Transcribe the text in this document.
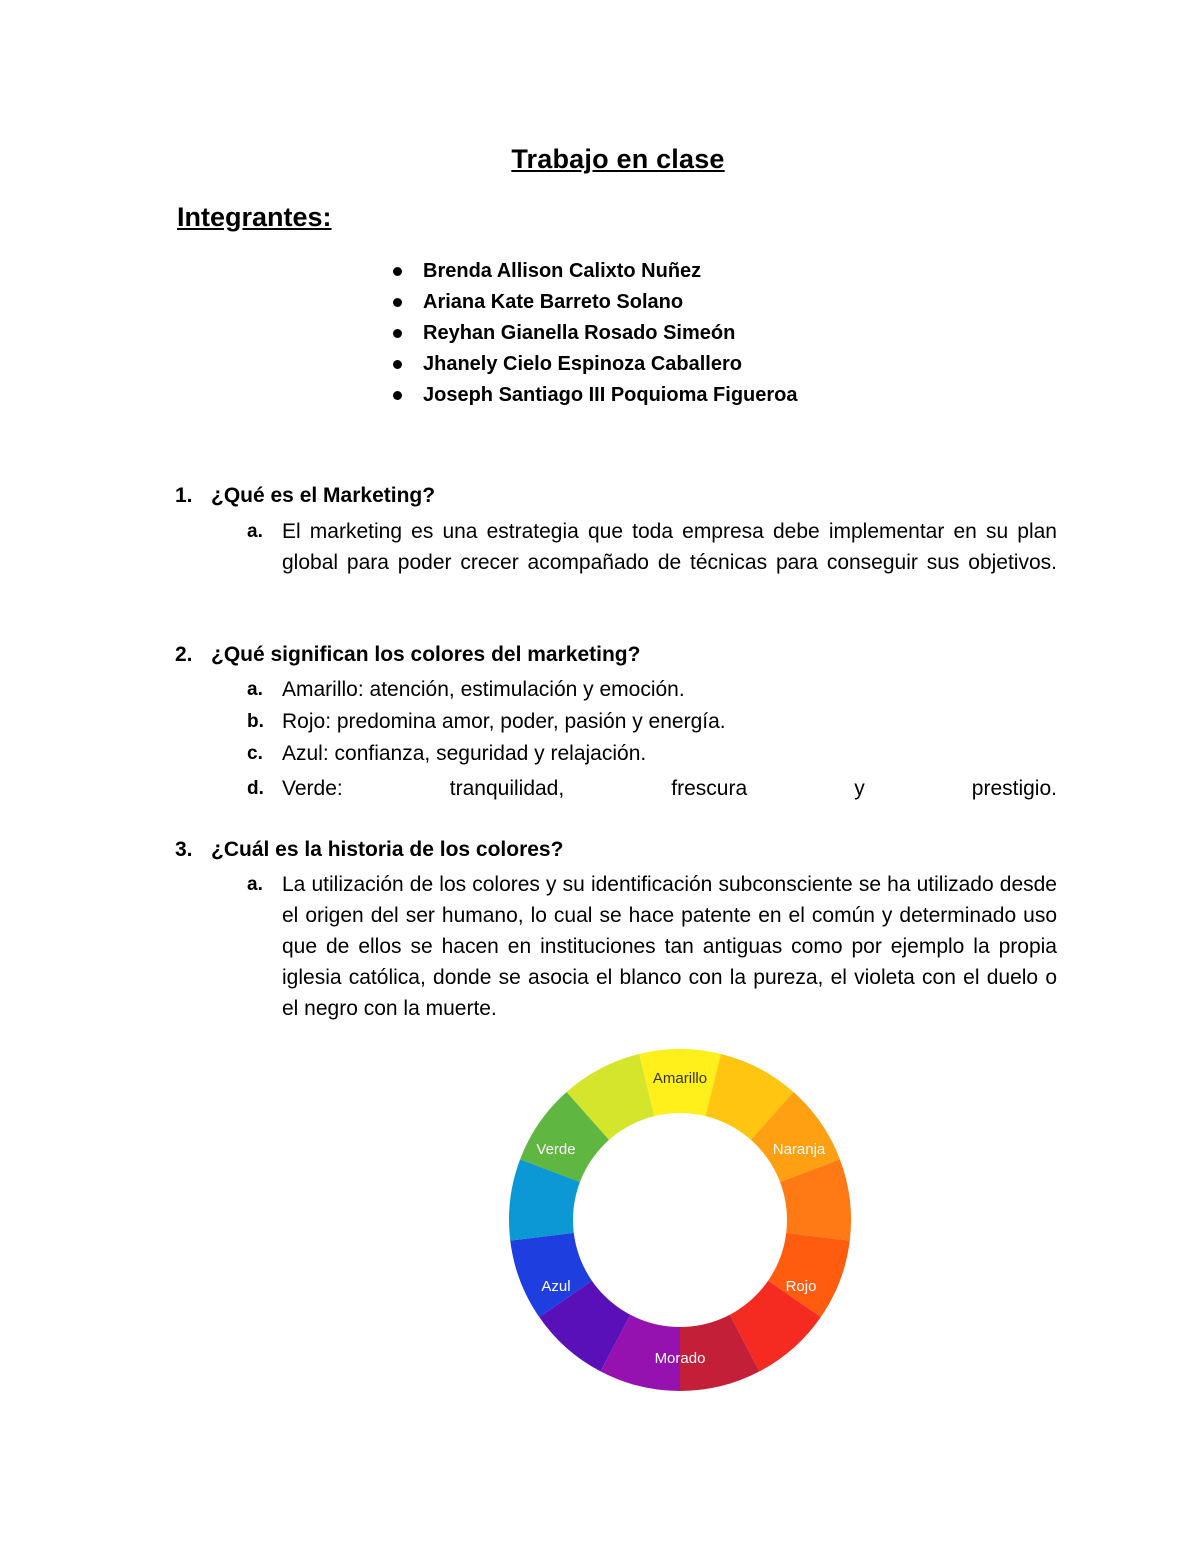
Trabajo en clase
Integrantes:
Brenda Allison Calixto Nuñez
Ariana Kate Barreto Solano
Reyhan Gianella Rosado Simeón
Jhanely Cielo Espinoza Caballero
Joseph Santiago III Poquioma Figueroa
1. ¿Qué es el Marketing?
a. El marketing es una estrategia que toda empresa debe implementar en su plan global para poder crecer acompañado de técnicas para conseguir sus objetivos.
2. ¿Qué significan los colores del marketing?
a. Amarillo: atención, estimulación y emoción.
b. Rojo: predomina amor, poder, pasión y energía.
c. Azul: confianza, seguridad y relajación.
d. Verde: tranquilidad, frescura y prestigio.
3. ¿Cuál es la historia de los colores?
a. La utilización de los colores y su identificación subconsciente se ha utilizado desde el origen del ser humano, lo cual se hace patente en el común y determinado uso que de ellos se hacen en instituciones tan antiguas como por ejemplo la propia iglesia católica, donde se asocia el blanco con la pureza, el violeta con el duelo o el negro con la muerte.
Amarillo
Naranja
Rojo
Morado
Azul
Verde
